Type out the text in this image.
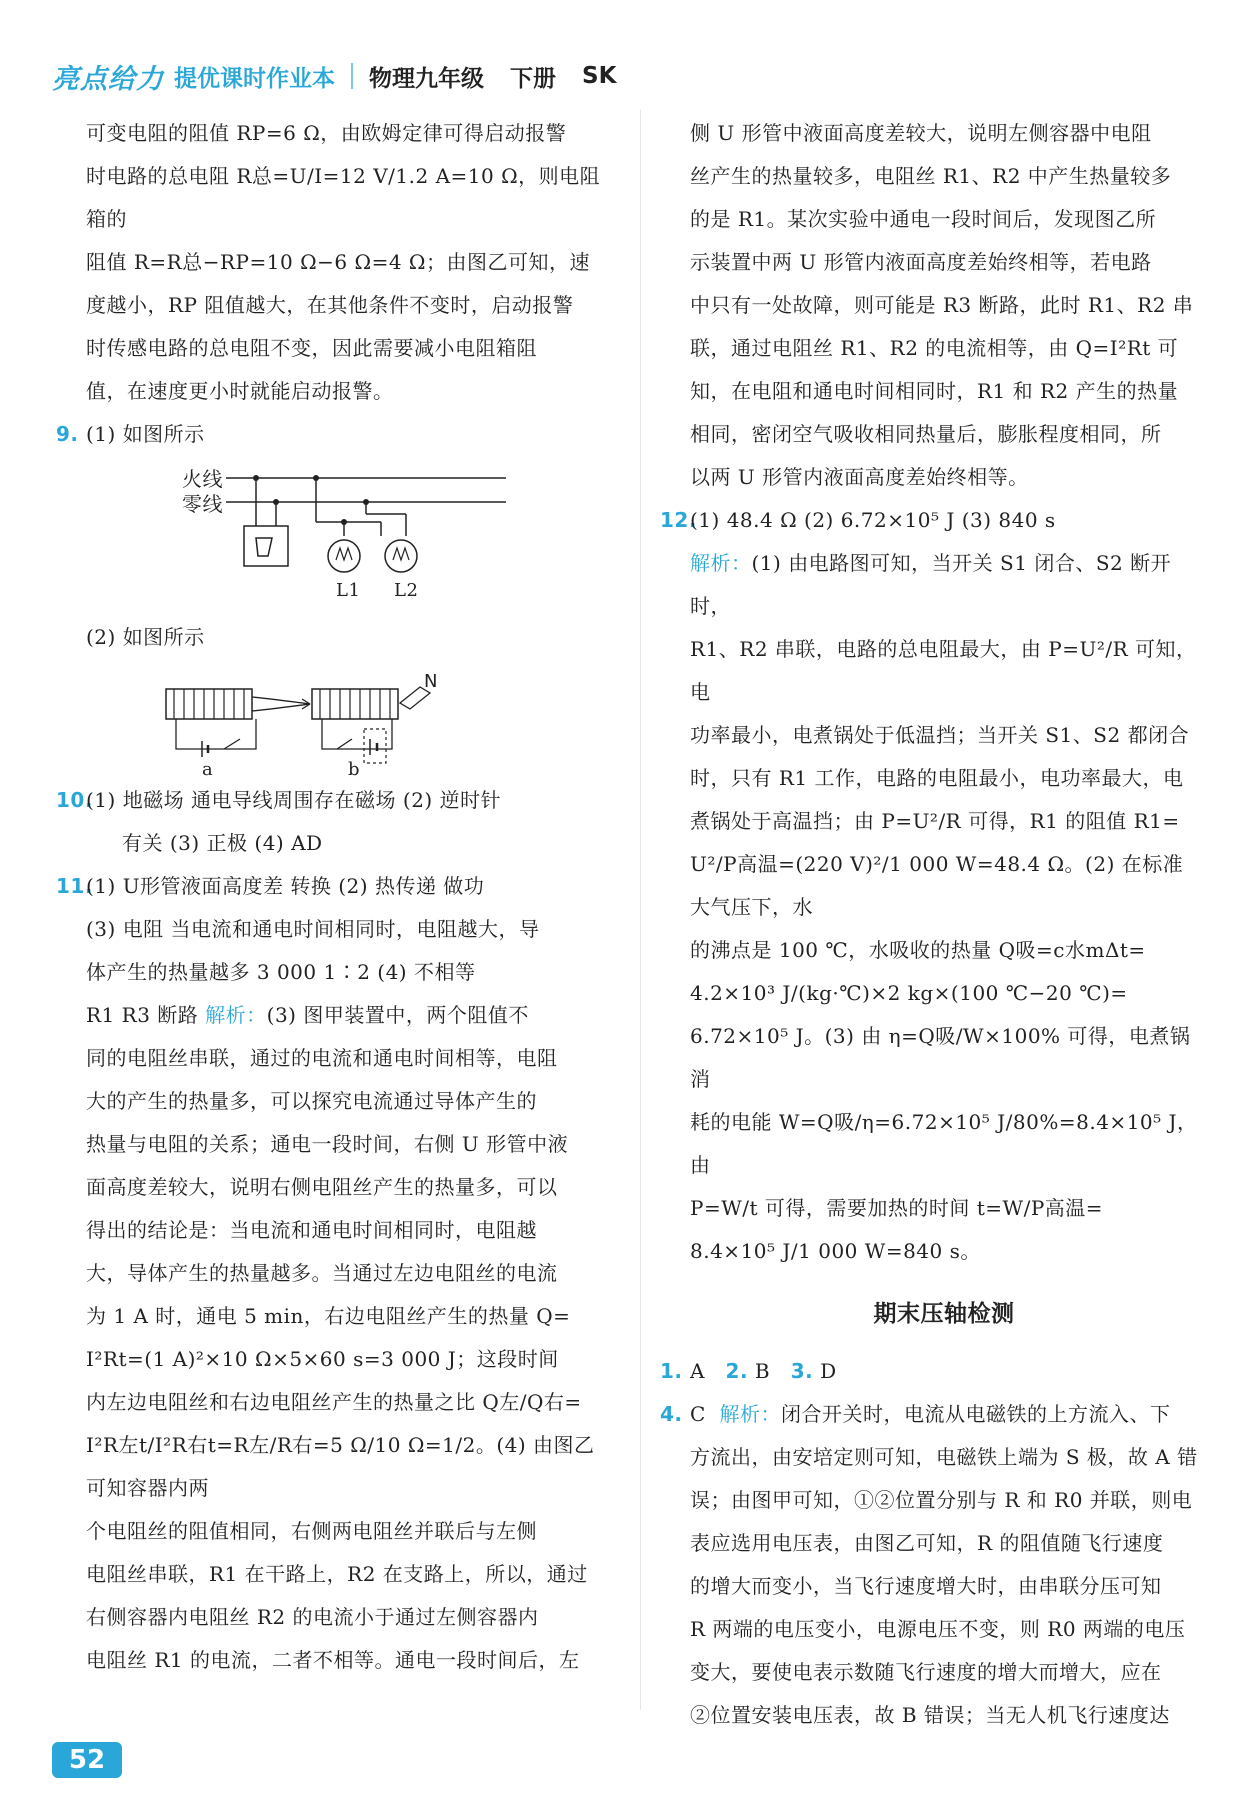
亮点给力 提优课时作业本 物理九年级 下册 SK

可变电阻的阻值 RP=6 Ω，由欧姆定律可得启动报警

时电路的总电阻 R总=U/I=12 V/1.2 A=10 Ω，则电阻箱的

阻值 R=R总−RP=10 Ω−6 Ω=4 Ω；由图乙可知，速

度越小，RP 阻值越大，在其他条件不变时，启动报警

时传感电路的总电阻不变，因此需要减小电阻箱阻

值，在速度更小时就能启动报警。

9. (1) 如图所示

火线
零线
L1 L2

(2) 如图所示

N
a	b

10.(1) 地磁场 通电导线周围存在磁场 (2) 逆时针

有关 (3) 正极 (4) AD

11.(1) U形管液面高度差 转换 (2) 热传递 做功

(3) 电阻 当电流和通电时间相同时，电阻越大，导

体产生的热量越多 3 000 1∶2 (4) 不相等

R1 R3 断路 解析：(3) 图甲装置中，两个阻值不

同的电阻丝串联，通过的电流和通电时间相等，电阻

大的产生的热量多，可以探究电流通过导体产生的

热量与电阻的关系；通电一段时间，右侧 U 形管中液

面高度差较大，说明右侧电阻丝产生的热量多，可以

得出的结论是：当电流和通电时间相同时，电阻越

大，导体产生的热量越多。当通过左边电阻丝的电流

为 1 A 时，通电 5 min，右边电阻丝产生的热量 Q=

I²Rt=(1 A)²×10 Ω×5×60 s=3 000 J；这段时间

内左边电阻丝和右边电阻丝产生的热量之比 Q左/Q右=

I²R左t/I²R右t=R左/R右=5 Ω/10 Ω=1/2。(4) 由图乙可知容器内两

个电阻丝的阻值相同，右侧两电阻丝并联后与左侧

电阻丝串联，R1 在干路上，R2 在支路上，所以，通过

右侧容器内电阻丝 R2 的电流小于通过左侧容器内

电阻丝 R1 的电流，二者不相等。通电一段时间后，左

侧 U 形管中液面高度差较大，说明左侧容器中电阻

丝产生的热量较多，电阻丝 R1、R2 中产生热量较多

的是 R1。某次实验中通电一段时间后，发现图乙所

示装置中两 U 形管内液面高度差始终相等，若电路

中只有一处故障，则可能是 R3 断路，此时 R1、R2 串

联，通过电阻丝 R1、R2 的电流相等，由 Q=I²Rt 可

知，在电阻和通电时间相同时，R1 和 R2 产生的热量

相同，密闭空气吸收相同热量后，膨胀程度相同，所

以两 U 形管内液面高度差始终相等。

12.(1) 48.4 Ω (2) 6.72×10⁵ J (3) 840 s

解析：(1) 由电路图可知，当开关 S1 闭合、S2 断开时，

R1、R2 串联，电路的总电阻最大，由 P=U²/R 可知，电

功率最小，电煮锅处于低温挡；当开关 S1、S2 都闭合

时，只有 R1 工作，电路的电阻最小，电功率最大，电

煮锅处于高温挡；由 P=U²/R 可得，R1 的阻值 R1=

U²/P高温=(220 V)²/1 000 W=48.4 Ω。(2) 在标准大气压下，水

的沸点是 100 ℃，水吸收的热量 Q吸=c水mΔt=

4.2×10³ J/(kg·℃)×2 kg×(100 ℃−20 ℃)=

6.72×10⁵ J。(3) 由 η=Q吸/W×100% 可得，电煮锅消

耗的电能 W=Q吸/η=6.72×10⁵ J/80%=8.4×10⁵ J，由

P=W/t 可得，需要加热的时间 t=W/P高温=

8.4×10⁵ J/1 000 W=840 s。

期末压轴检测

1. A 2. B 3. D

4. C 解析：闭合开关时，电流从电磁铁的上方流入、下

方流出，由安培定则可知，电磁铁上端为 S 极，故 A 错

误；由图甲可知，①②位置分别与 R 和 R0 并联，则电

表应选用电压表，由图乙可知，R 的阻值随飞行速度

的增大而变小，当飞行速度增大时，由串联分压可知

R 两端的电压变小，电源电压不变，则 R0 两端的电压

变大，要使电表示数随飞行速度的增大而增大，应在

②位置安装电压表，故 B 错误；当无人机飞行速度达

52
